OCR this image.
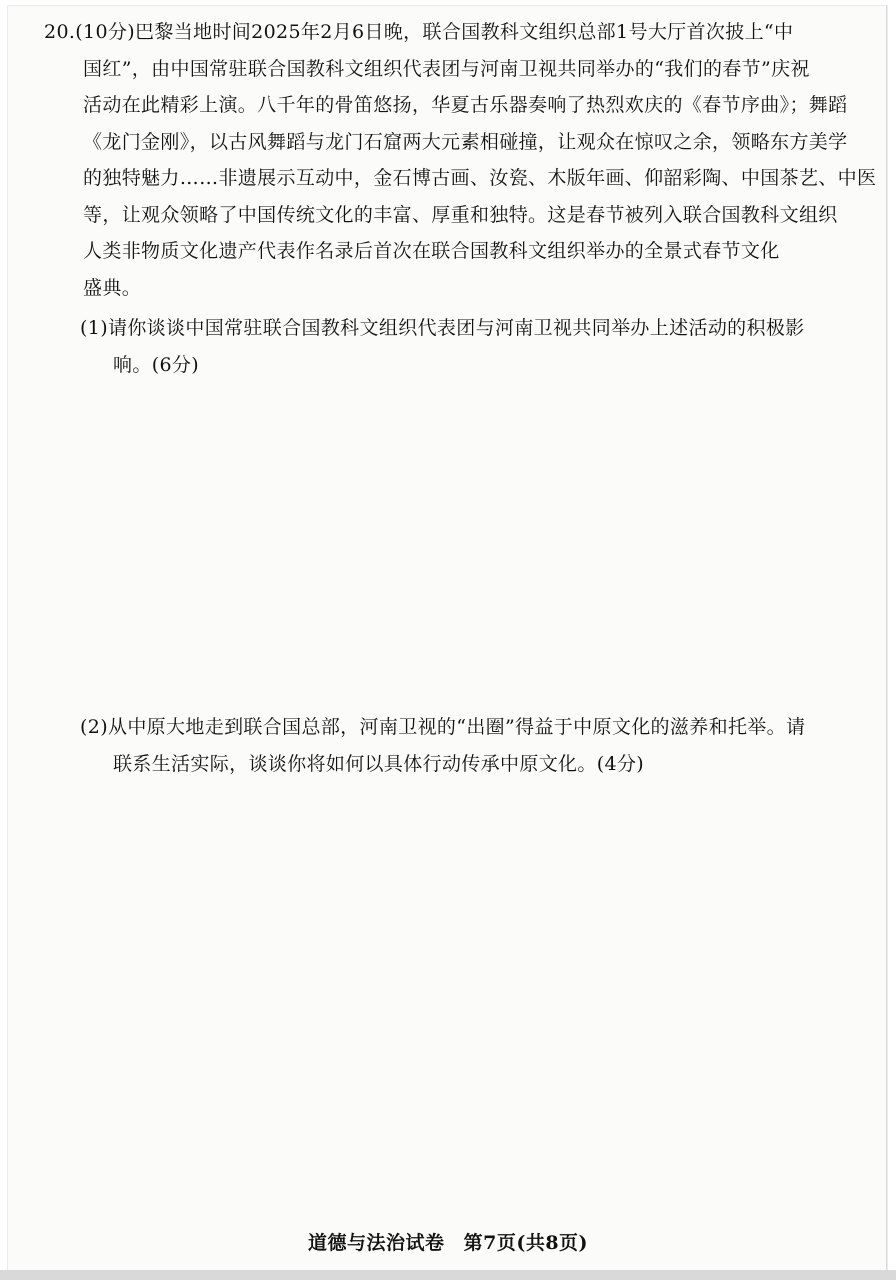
20.(10分)巴黎当地时间2025年2月6日晚，联合国教科文组织总部1号大厅首次披上“中
国红”，由中国常驻联合国教科文组织代表团与河南卫视共同举办的“我们的春节”庆祝
活动在此精彩上演。八千年的骨笛悠扬，华夏古乐器奏响了热烈欢庆的《春节序曲》；舞蹈
《龙门金刚》，以古风舞蹈与龙门石窟两大元素相碰撞，让观众在惊叹之余，领略东方美学
的独特魅力……非遗展示互动中，金石博古画、汝瓷、木版年画、仰韶彩陶、中国茶艺、中医
等，让观众领略了中国传统文化的丰富、厚重和独特。这是春节被列入联合国教科文组织
人类非物质文化遗产代表作名录后首次在联合国教科文组织举办的全景式春节文化
盛典。
(1)请你谈谈中国常驻联合国教科文组织代表团与河南卫视共同举办上述活动的积极影
响。(6分)
(2)从中原大地走到联合国总部，河南卫视的“出圈”得益于中原文化的滋养和托举。请
联系生活实际，谈谈你将如何以具体行动传承中原文化。(4分)
道德与法治试卷 第7页(共8页)
